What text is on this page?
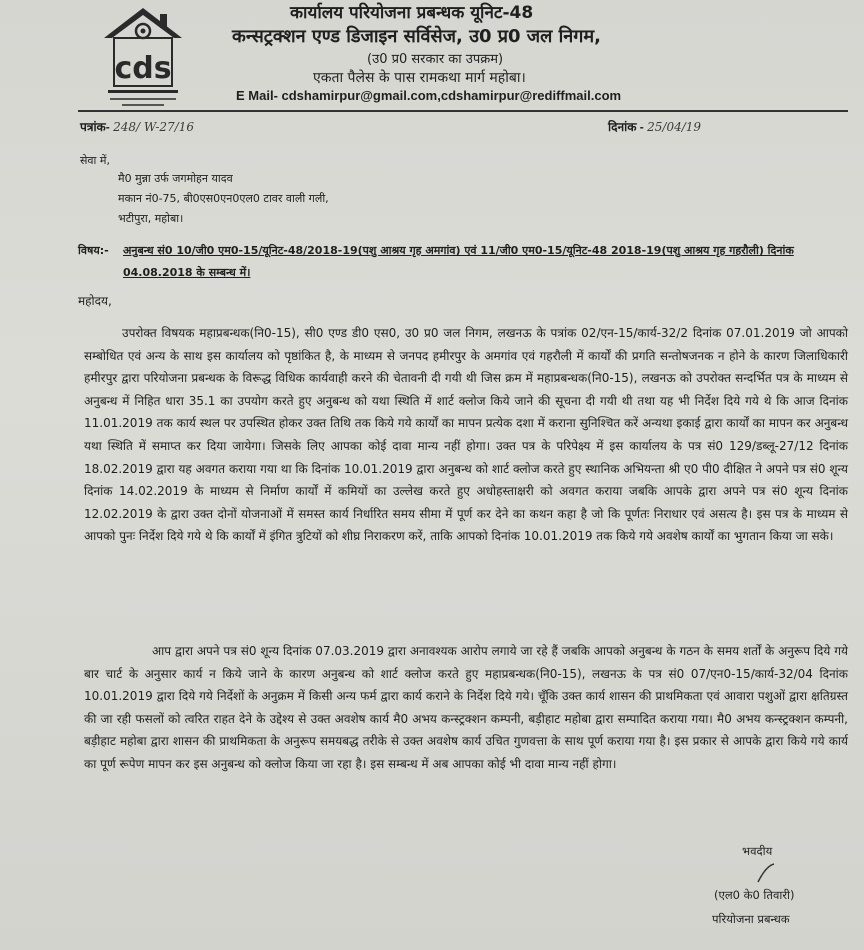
cds
कार्यालय परियोजना प्रबन्धक यूनिट-48
कन्सट्रक्शन एण्ड डिजाइन सर्विसेज, उ0 प्र0 जल निगम,
(उ0 प्र0 सरकार का उपक्रम)
एकता पैलेस के पास रामकथा मार्ग महोबा।
E Mail- cdshamirpur@gmail.com,cdshamirpur@rediffmail.com
पत्रांक- 248/ W-27/16	दिनांक - 25/04/19
सेवा में,
मै0 मुन्ना उर्फ जगमोहन यादव
मकान नं0-75, बी0एस0एन0एल0 टावर वाली गली,
भटीपुरा, महोबा।
विषय:- अनुबन्ध सं0 10/जी0 एम0-15/यूनिट-48/2018-19(पशु आश्रय गृह अमगांव) एवं 11/जी0 एम0-15/यूनिट-48 2018-19(पशु आश्रय गृह गहरौली) दिनांक 04.08.2018 के सम्बन्ध में।
महोदय,
उपरोक्त विषयक महाप्रबन्धक(नि0-15), सी0 एण्ड डी0 एस0, उ0 प्र0 जल निगम, लखनऊ के पत्रांक 02/एन-15/कार्य-32/2 दिनांक 07.01.2019 जो आपको सम्बोधित एवं अन्य के साथ इस कार्यालय को पृष्ठांकित है, के माध्यम से जनपद हमीरपुर के अमगांव एवं गहरौली में कार्यों की प्रगति सन्तोषजनक न होने के कारण जिलाधिकारी हमीरपुर द्वारा परियोजना प्रबन्धक के विरूद्ध विधिक कार्यवाही करने की चेतावनी दी गयी थी जिस क्रम में महाप्रबन्धक(नि0-15), लखनऊ को उपरोक्त सन्दर्भित पत्र के माध्यम से अनुबन्ध में निहित धारा 35.1 का उपयोग करते हुए अनुबन्ध को यथा स्थिति में शार्ट क्लोज किये जाने की सूचना दी गयी थी तथा यह भी निर्देश दिये गये थे कि आज दिनांक 11.01.2019 तक कार्य स्थल पर उपस्थित होकर उक्त तिथि तक किये गये कार्यों का मापन प्रत्येक दशा में कराना सुनिश्चित करें अन्यथा इकाई द्वारा कार्यों का मापन कर अनुबन्ध यथा स्थिति में समाप्त कर दिया जायेगा। जिसके लिए आपका कोई दावा मान्य नहीं होगा। उक्त पत्र के परिपेक्ष्य में इस कार्यालय के पत्र सं0 129/डब्लू-27/12 दिनांक 18.02.2019 द्वारा यह अवगत कराया गया था कि दिनांक 10.01.2019 द्वारा अनुबन्ध को शार्ट क्लोज करते हुए स्थानिक अभियन्ता श्री ए0 पी0 दीक्षित ने अपने पत्र सं0 शून्य दिनांक 14.02.2019 के माध्यम से निर्माण कार्यों में कमियों का उल्लेख करते हुए अधोहस्ताक्षरी को अवगत कराया जबकि आपके द्वारा अपने पत्र सं0 शून्य दिनांक 12.02.2019 के द्वारा उक्त दोनों योजनाओं में समस्त कार्य निर्धारित समय सीमा में पूर्ण कर देने का कथन कहा है जो कि पूर्णतः निराधार एवं असत्य है। इस पत्र के माध्यम से आपको पुनः निर्देश दिये गये थे कि कार्यों में इंगित त्रुटियों को शीघ्र निराकरण करें, ताकि आपको दिनांक 10.01.2019 तक किये गये अवशेष कार्यों का भुगतान किया जा सके।
आप द्वारा अपने पत्र सं0 शून्य दिनांक 07.03.2019 द्वारा अनावश्यक आरोप लगाये जा रहे हैं जबकि आपको अनुबन्ध के गठन के समय शर्तों के अनुरूप दिये गये बार चार्ट के अनुसार कार्य न किये जाने के कारण अनुबन्ध को शार्ट क्लोज करते हुए महाप्रबन्धक(नि0-15), लखनऊ के पत्र सं0 07/एन0-15/कार्य-32/04 दिनांक 10.01.2019 द्वारा दिये गये निर्देशों के अनुक्रम में किसी अन्य फर्म द्वारा कार्य कराने के निर्देश दिये गये। चूँकि उक्त कार्य शासन की प्राथमिकता एवं आवारा पशुओं द्वारा क्षतिग्रस्त की जा रही फसलों को त्वरित राहत देने के उद्देश्य से उक्त अवशेष कार्य मै0 अभय कन्स्ट्रक्शन कम्पनी, बड़ीहाट महोबा द्वारा सम्पादित कराया गया। मै0 अभय कन्स्ट्रक्शन कम्पनी, बड़ीहाट महोबा द्वारा शासन की प्राथमिकता के अनुरूप समयबद्ध तरीके से उक्त अवशेष कार्य उचित गुणवत्ता के साथ पूर्ण कराया गया है। इस प्रकार से आपके द्वारा किये गये कार्य का पूर्ण रूपेण मापन कर इस अनुबन्ध को क्लोज किया जा रहा है। इस सम्बन्ध में अब आपका कोई भी दावा मान्य नहीं होगा।
भवदीय
(एल0 के0 तिवारी)
परियोजना प्रबन्धक
